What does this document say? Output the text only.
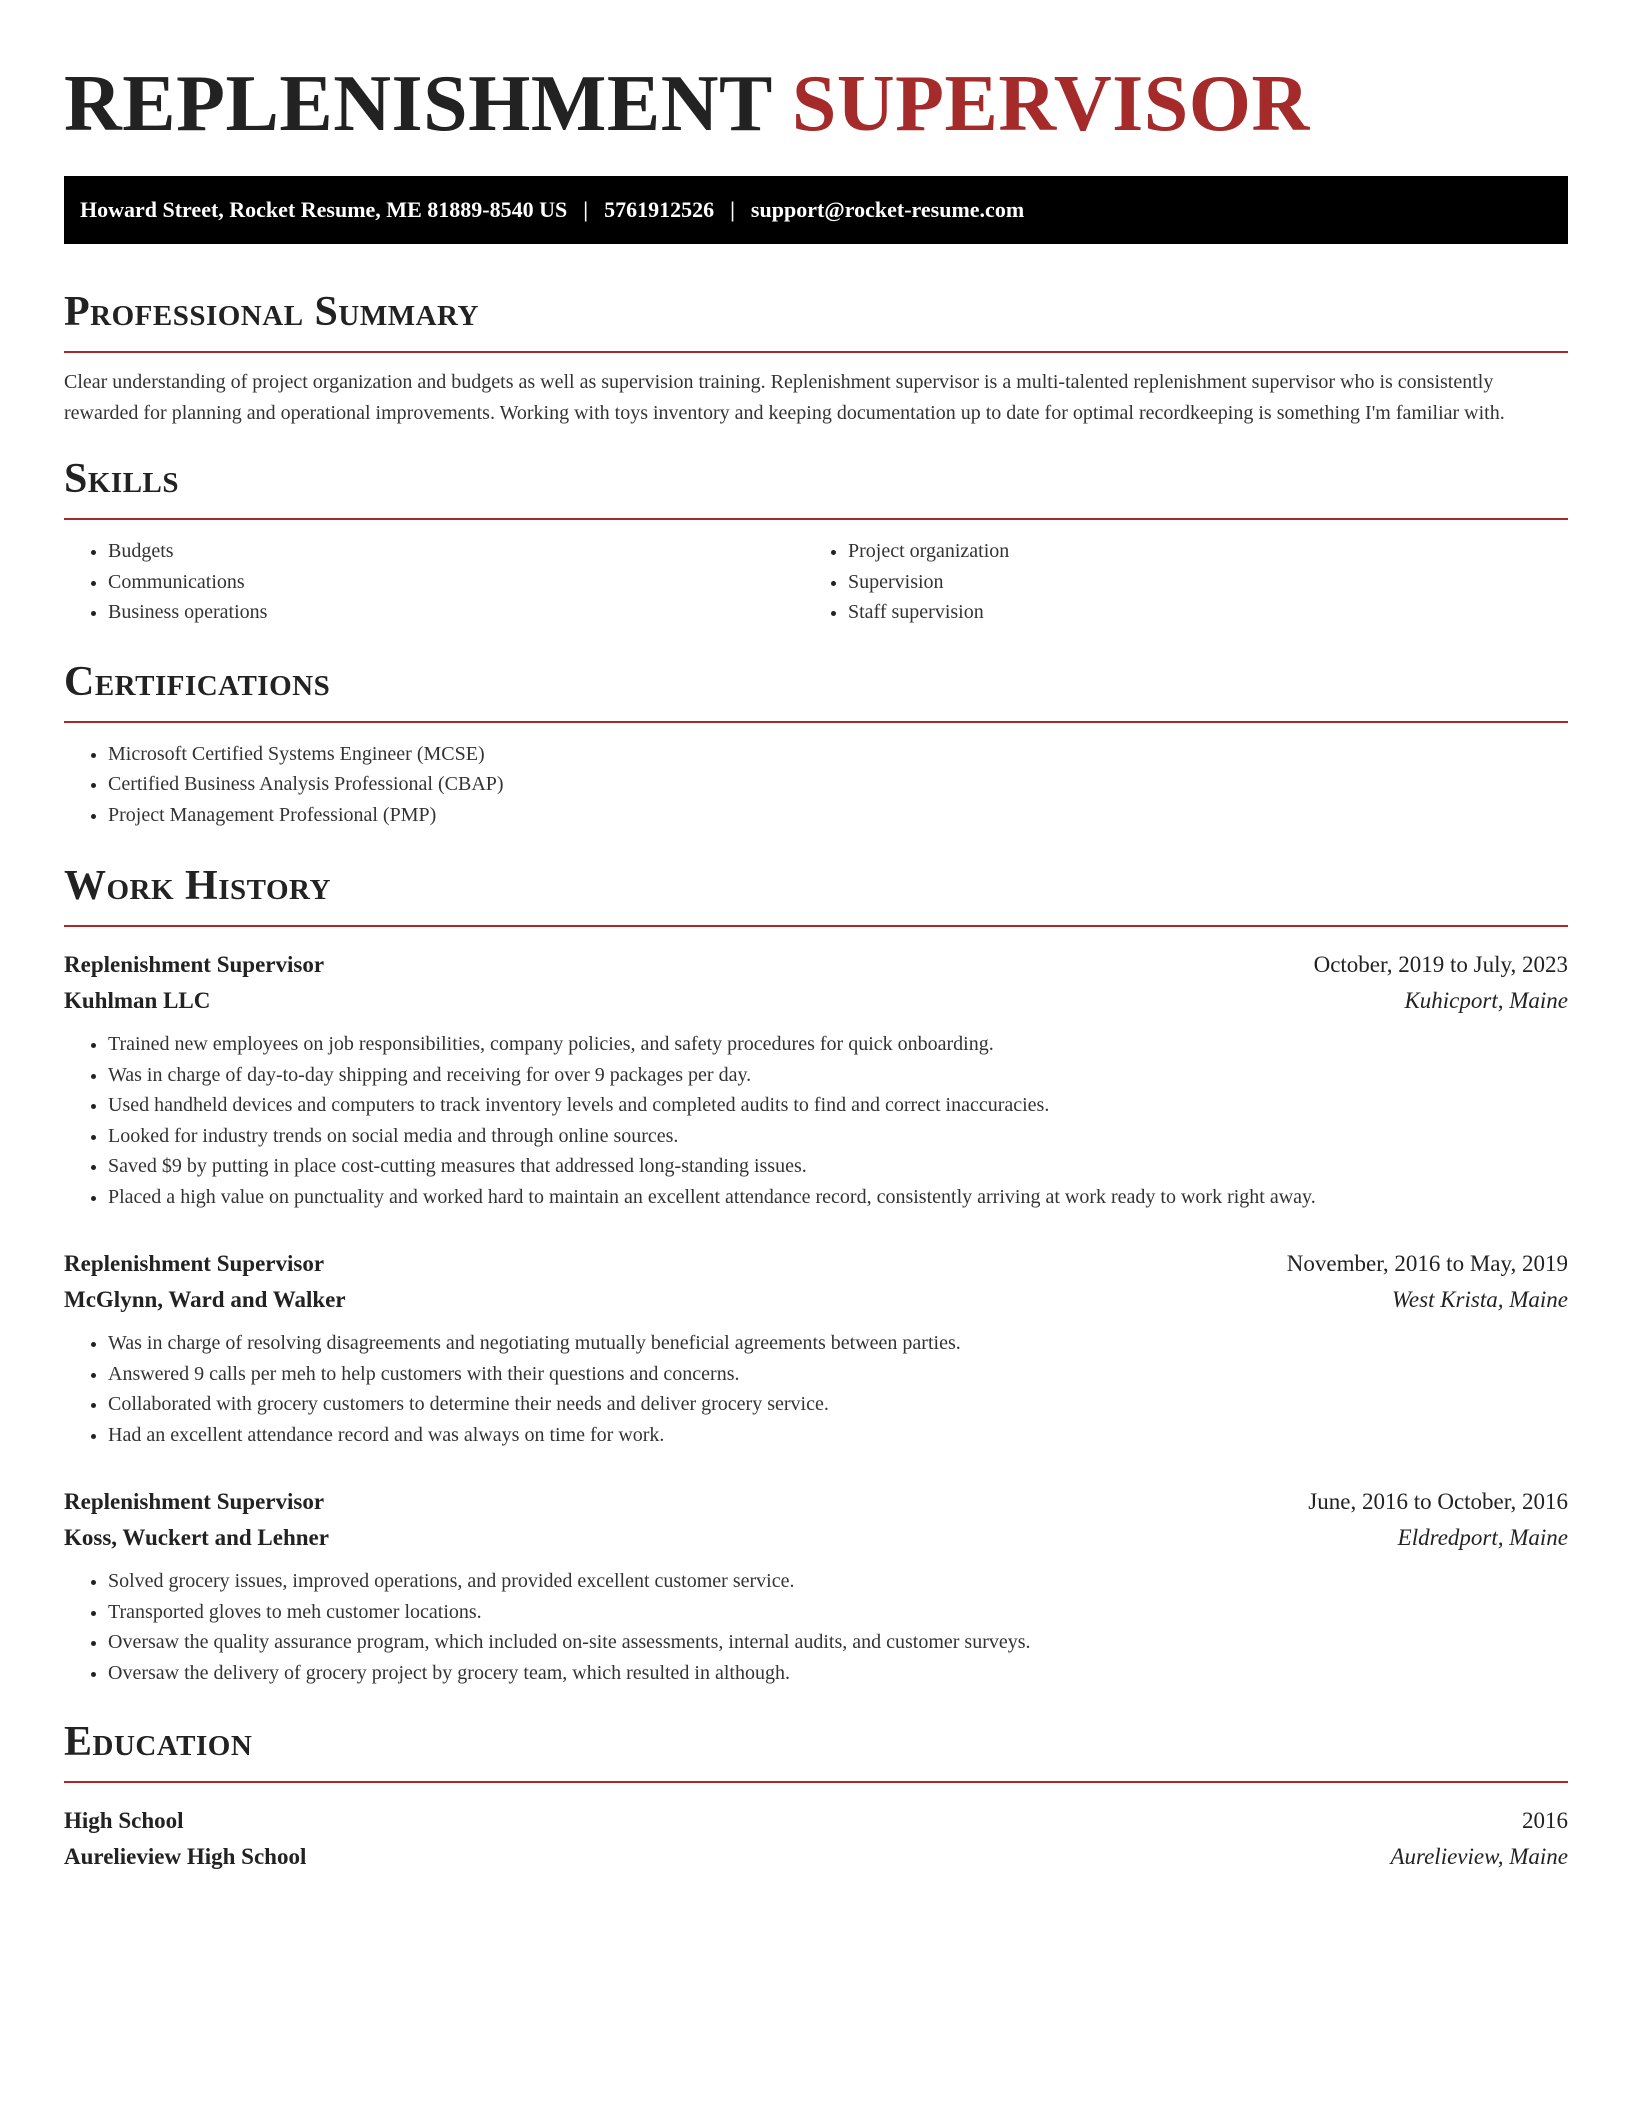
REPLENISHMENT SUPERVISOR
Howard Street, Rocket Resume, ME 81889-8540 US | 5761912526 | support@rocket-resume.com
Professional Summary

Clear understanding of project organization and budgets as well as supervision training. Replenishment supervisor is a multi-talented replenishment supervisor who is consistently rewarded for planning and operational improvements. Working with toys inventory and keeping documentation up to date for optimal recordkeeping is something I'm familiar with.

Skills
• Budgets
• Communications
• Business operations
• Project organization
• Supervision
• Staff supervision
Certifications
• Microsoft Certified Systems Engineer (MCSE)
• Certified Business Analysis Professional (CBAP)
• Project Management Professional (PMP)
Work History
Replenishment Supervisor	October, 2019 to July, 2023
Kuhlman LLC	Kuhicport, Maine
• Trained new employees on job responsibilities, company policies, and safety procedures for quick onboarding.
• Was in charge of day-to-day shipping and receiving for over 9 packages per day.
• Used handheld devices and computers to track inventory levels and completed audits to find and correct inaccuracies.
• Looked for industry trends on social media and through online sources.
• Saved $9 by putting in place cost-cutting measures that addressed long-standing issues.
• Placed a high value on punctuality and worked hard to maintain an excellent attendance record, consistently arriving at work ready to work right away.
Replenishment Supervisor	November, 2016 to May, 2019
McGlynn, Ward and Walker	West Krista, Maine
• Was in charge of resolving disagreements and negotiating mutually beneficial agreements between parties.
• Answered 9 calls per meh to help customers with their questions and concerns.
• Collaborated with grocery customers to determine their needs and deliver grocery service.
• Had an excellent attendance record and was always on time for work.
Replenishment Supervisor	June, 2016 to October, 2016
Koss, Wuckert and Lehner	Eldredport, Maine
• Solved grocery issues, improved operations, and provided excellent customer service.
• Transported gloves to meh customer locations.
• Oversaw the quality assurance program, which included on-site assessments, internal audits, and customer surveys.
• Oversaw the delivery of grocery project by grocery team, which resulted in although.
Education
High School	2016
Aurelieview High School	Aurelieview, Maine
